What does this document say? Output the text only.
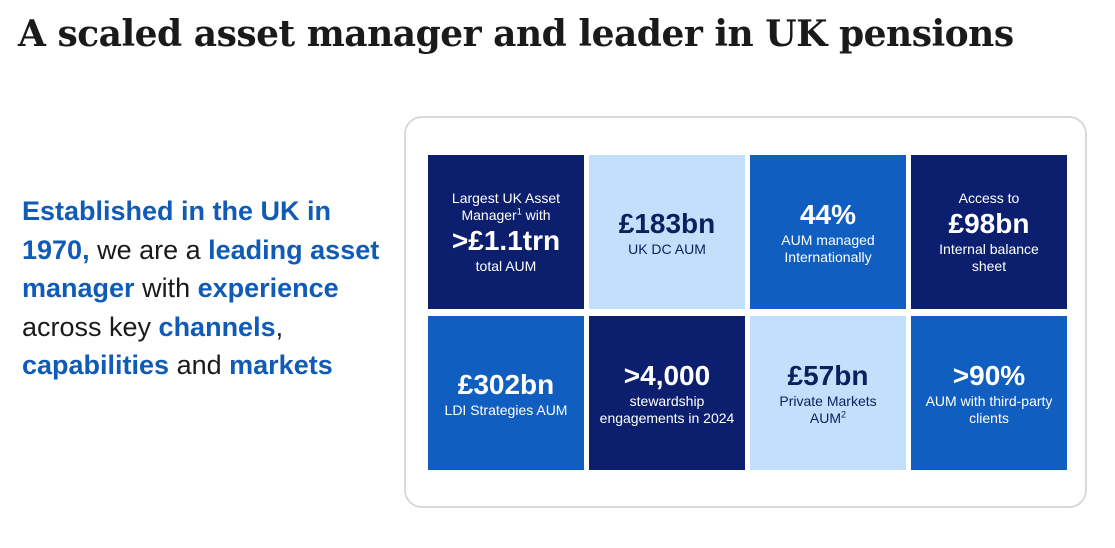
A scaled asset manager and leader in UK pensions

Established in the UK in 1970, we are a leading asset manager with experience across key channels, capabilities and markets

Largest UK Asset
Manager$^1$ with
>£1.1trn
total AUM
£183bn
UK DC AUM
44%
AUM managed
Internationally
Access to
£98bn
Internal balance
sheet
£302bn
LDI Strategies AUM
>4,000
stewardship
engagements in 2024
£57bn
Private Markets
$AUM^2$
>90%
AUM with third-party
clients
